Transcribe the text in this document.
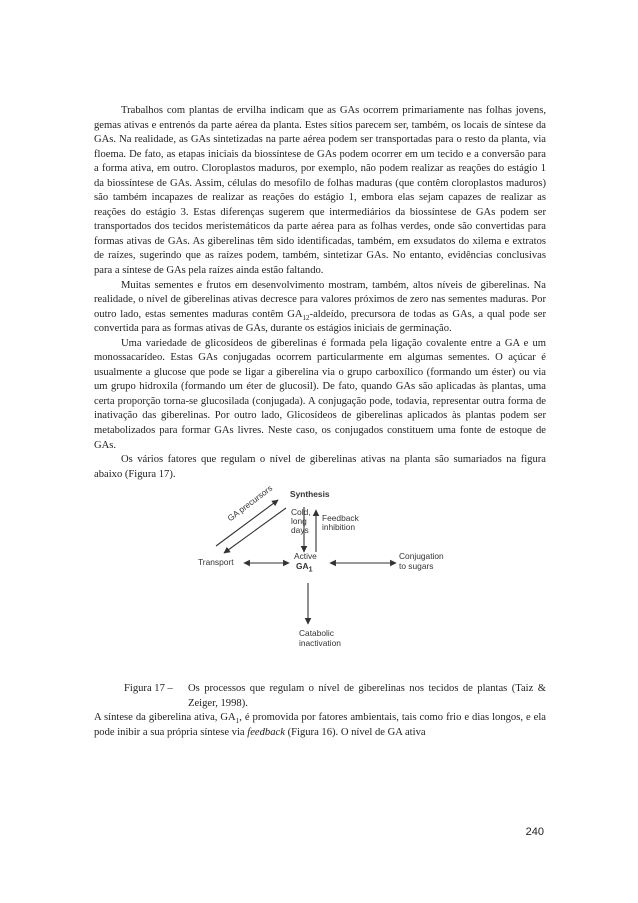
Trabalhos com plantas de ervilha indicam que as GAs ocorrem primariamente nas folhas jovens, gemas ativas e entrenós da parte aérea da planta. Estes sítios parecem ser, também, os locais de síntese da GAs. Na realidade, as GAs sintetizadas na parte aérea podem ser transportadas para o resto da planta, via floema. De fato, as etapas iniciais da biossíntese de GAs podem ocorrer em um tecido e a conversão para a forma ativa, em outro. Cloroplastos maduros, por exemplo, não podem realizar as reações do estágio 1 da biossíntese de GAs. Assim, células do mesofilo de folhas maduras (que contêm cloroplastos maduros) são também incapazes de realizar as reações do estágio 1, embora elas sejam capazes de realizar as reações do estágio 3. Estas diferenças sugerem que intermediários da biossíntese de GAs podem ser transportados dos tecidos meristemáticos da parte aérea para as folhas verdes, onde são convertidas para formas ativas de GAs. As giberelinas têm sido identificadas, também, em exsudatos do xilema e extratos de raízes, sugerindo que as raízes podem, também, sintetizar GAs. No entanto, evidências conclusivas para a síntese de GAs pela raízes ainda estão faltando.

Muitas sementes e frutos em desenvolvimento mostram, também, altos níveis de giberelinas. Na realidade, o nível de giberelinas ativas decresce para valores próximos de zero nas sementes maduras. Por outro lado, estas sementes maduras contêm $GA_{12}$-aldeído, precursora de todas as GAs, a qual pode ser convertida para as formas ativas de GAs, durante os estágios iniciais de germinação.

Uma variedade de glicosídeos de giberelinas é formada pela ligação covalente entre a GA e um monossacarídeo. Estas GAs conjugadas ocorrem particularmente em algumas sementes. O açúcar é usualmente a glucose que pode se ligar a giberelina via o grupo carboxílico (formando um éster) ou via um grupo hidroxila (formando um éter de glucosil). De fato, quando GAs são aplicadas às plantas, uma certa proporção torna-se glucosilada (conjugada). A conjugação pode, todavia, representar outra forma de inativação das giberelinas. Por outro lado, Glicosídeos de giberelinas aplicados às plantas podem ser metabolizados para formar GAs livres. Neste caso, os conjugados constituem uma fonte de estoque de GAs.

Os vários fatores que regulam o nível de giberelinas ativas na planta são sumariados na figura abaixo (Figura 17).

Synthesis
Cold,
long
days
Feedback
inhibition
GA precursors
Transport
Active
$GA_1$
Conjugation
to sugars
Catabolic
inactivation
Figura 17 – Os processos que regulam o nível de giberelinas nos tecidos de plantas (Taiz & Zeiger, 1998).

A síntese da giberelina ativa, $GA_1$, é promovida por fatores ambientais, tais como frio e dias longos, e ela pode inibir a sua própria síntese via feedback (Figura 16). O nível de GA ativa

240
